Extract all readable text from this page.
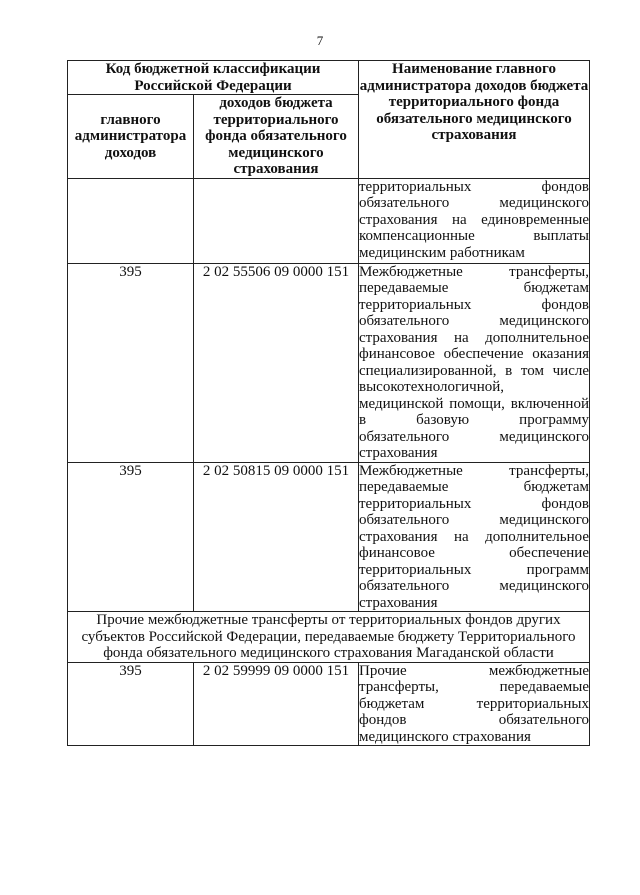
7
Код бюджетной классификации Российской Федерации		Наименование главного администратора доходов бюджета территориального фонда обязательного медицинского страхования
главного администратора доходов	доходов бюджета территориального фонда обязательного медицинского страхования	
		территориальных фондов обязательного медицинского страхования на единовременные компенсационные выплаты медицинским работникам
395	2 02 55506 09 0000 151	Межбюджетные трансферты, передаваемые бюджетам территориальных фондов обязательного медицинского страхования на дополнительное финансовое обеспечение оказания специализированной, в том числе высокотехнологичной, медицинской помощи, включенной в базовую программу обязательного медицинского страхования
395	2 02 50815 09 0000 151	Межбюджетные трансферты, передаваемые бюджетам территориальных фондов обязательного медицинского страхования на дополнительное финансовое обеспечение территориальных программ обязательного медицинского страхования
Прочие межбюджетные трансферты от территориальных фондов других субъектов Российской Федерации, передаваемые бюджету Территориального фонда обязательного медицинского страхования Магаданской области		
395	2 02 59999 09 0000 151	Прочие межбюджетные трансферты, передаваемые бюджетам территориальных фондов обязательного медицинского страхования
